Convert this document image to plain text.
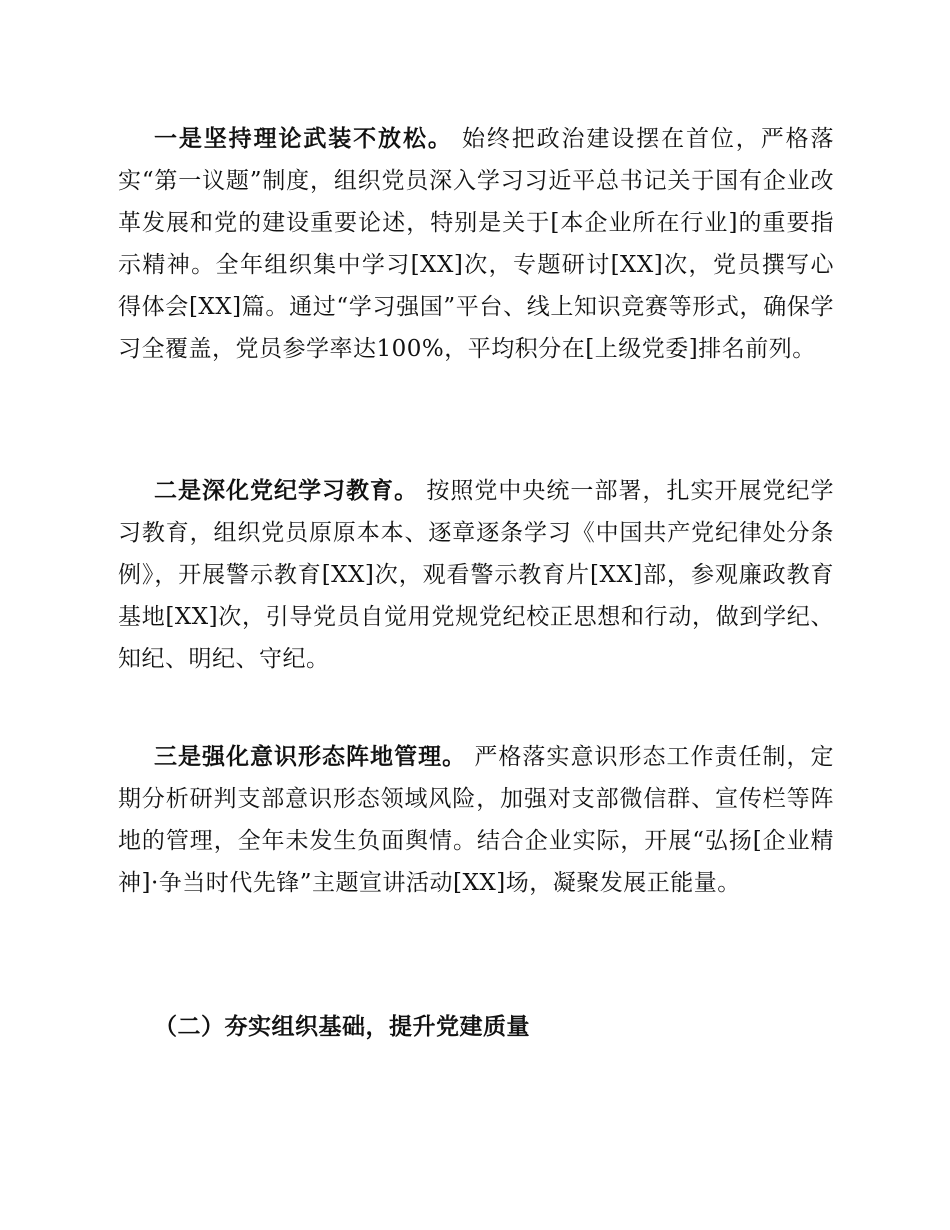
一是坚持理论武装不放松。 始终把政治建设摆在首位，严格落实“第一议题”制度，组织党员深入学习习近平总书记关于国有企业改革发展和党的建设重要论述，特别是关于[本企业所在行业]的重要指示精神。全年组织集中学习[XX]次，专题研讨[XX]次，党员撰写心得体会[XX]篇。通过“学习强国”平台、线上知识竞赛等形式，确保学习全覆盖，党员参学率达100%，平均积分在[上级党委]排名前列。

二是深化党纪学习教育。 按照党中央统一部署，扎实开展党纪学习教育，组织党员原原本本、逐章逐条学习《中国共产党纪律处分条例》，开展警示教育[XX]次，观看警示教育片[XX]部，参观廉政教育基地[XX]次，引导党员自觉用党规党纪校正思想和行动，做到学纪、知纪、明纪、守纪。

三是强化意识形态阵地管理。 严格落实意识形态工作责任制，定期分析研判支部意识形态领域风险，加强对支部微信群、宣传栏等阵地的管理，全年未发生负面舆情。结合企业实际，开展“弘扬[企业精神]·争当时代先锋”主题宣讲活动[XX]场，凝聚发展正能量。

（二）夯实组织基础，提升党建质量
